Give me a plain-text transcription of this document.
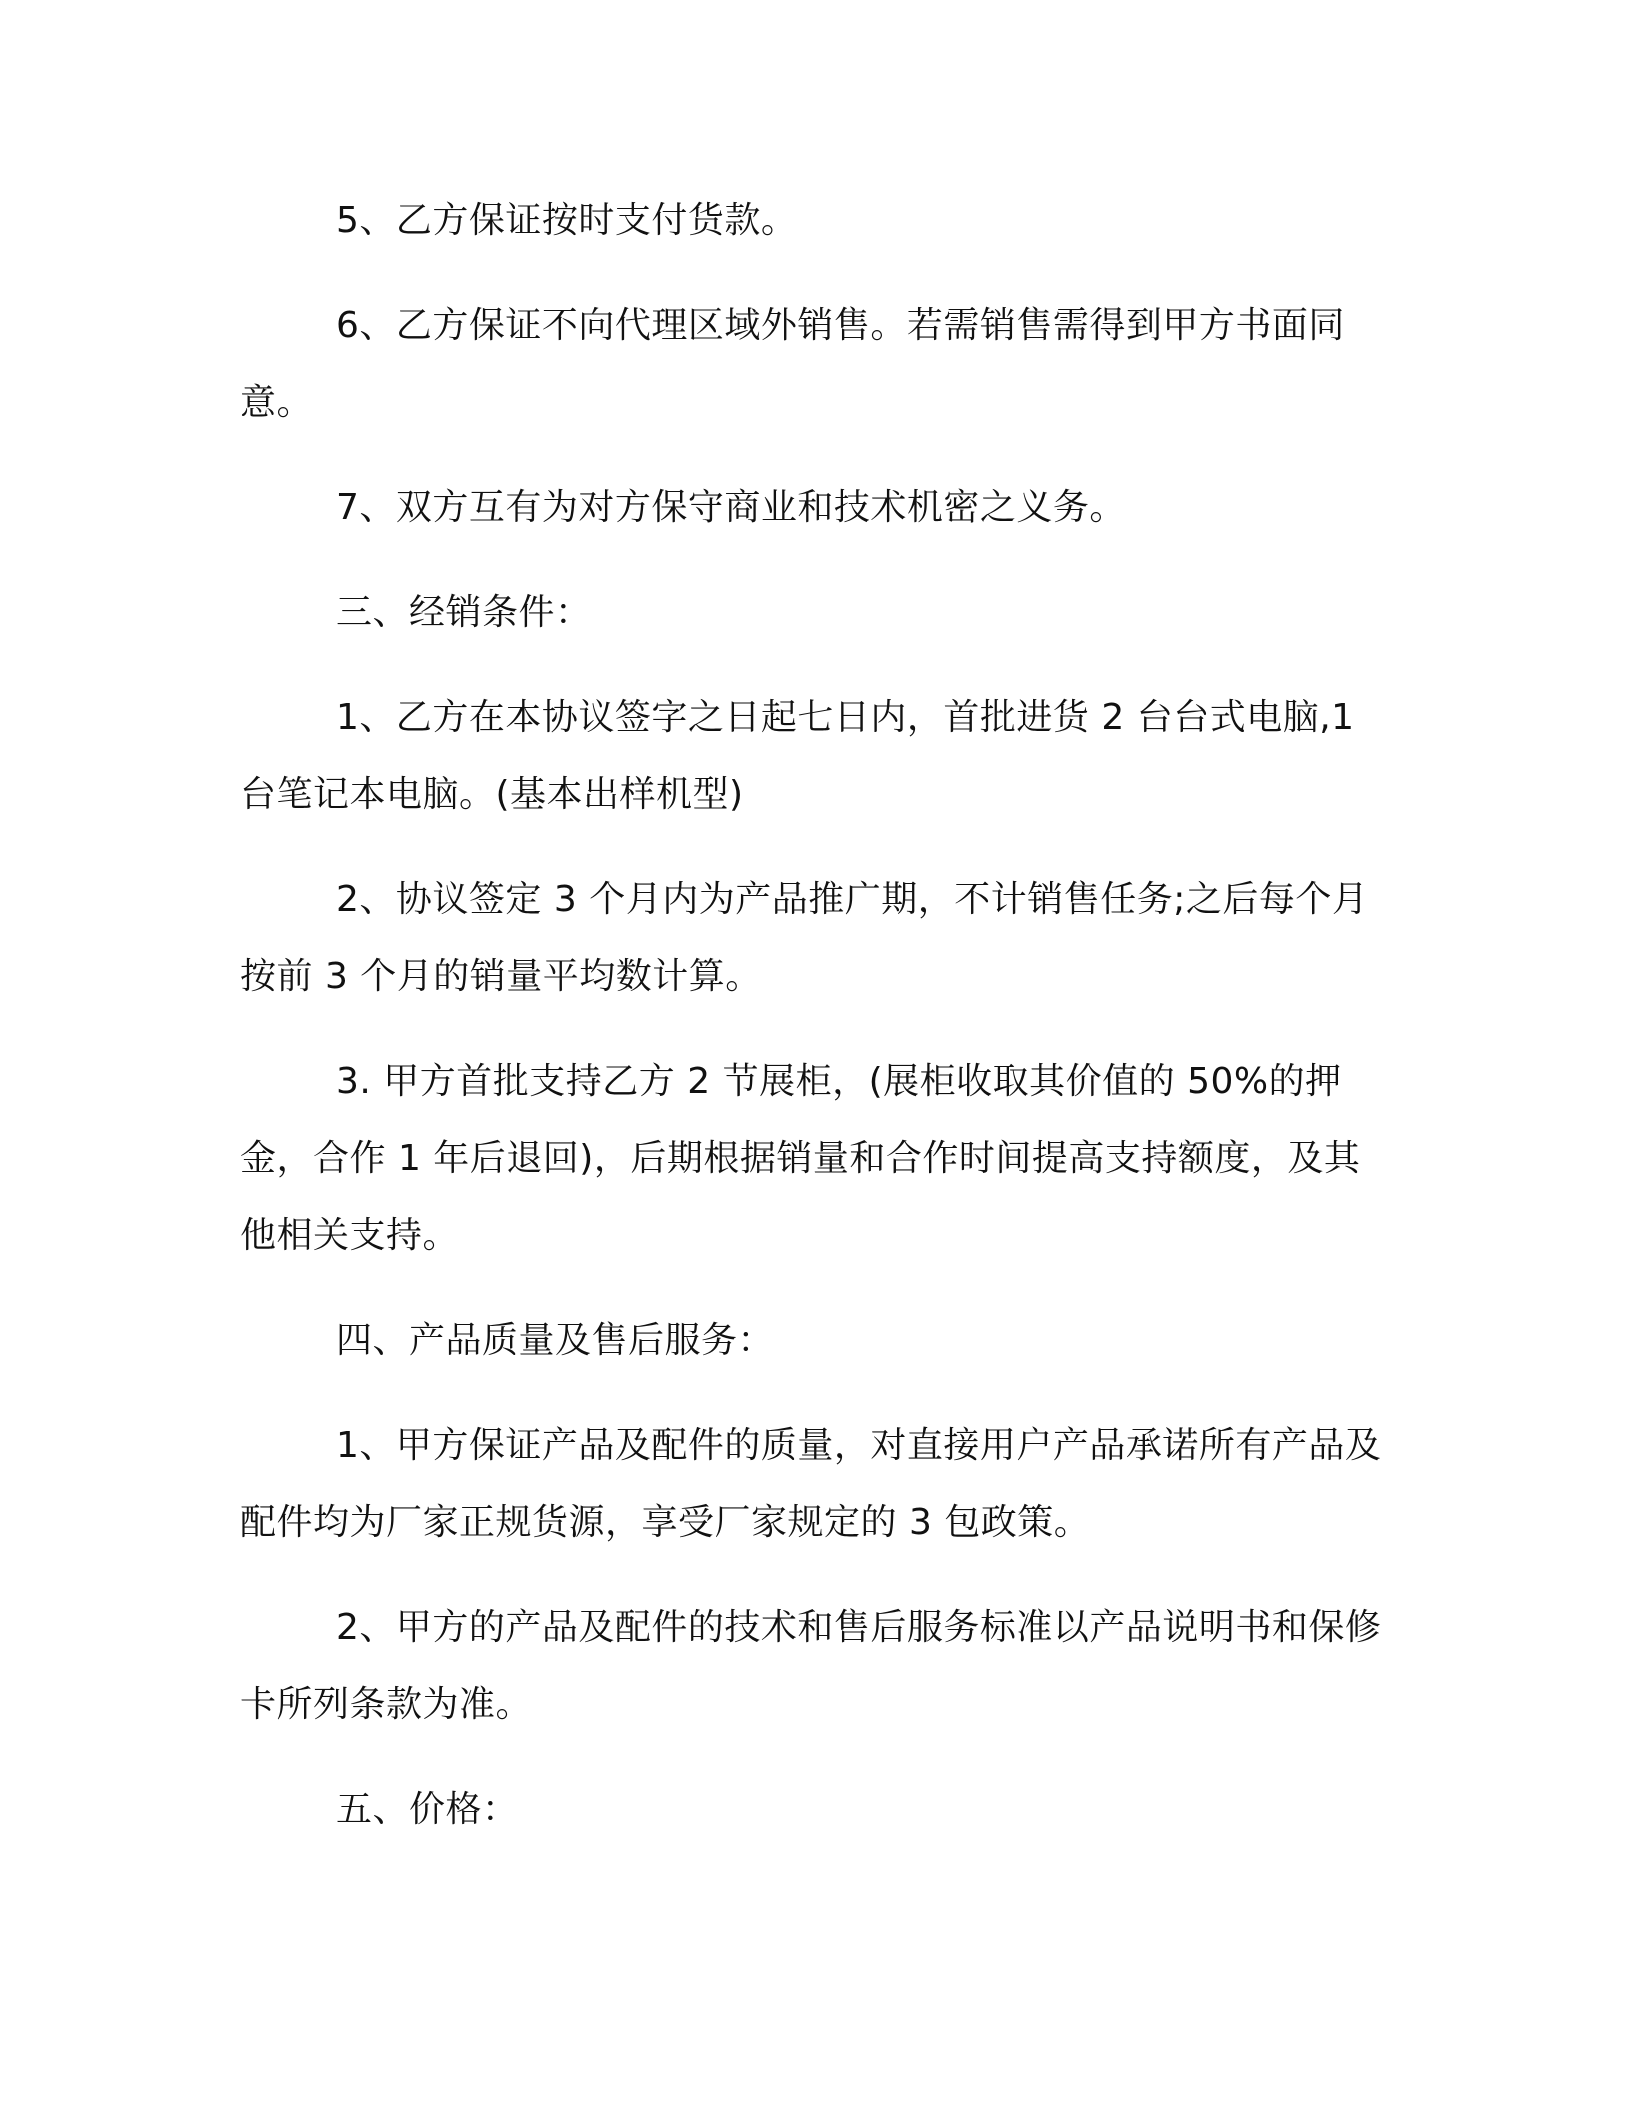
5、乙方保证按时支付货款。

6、乙方保证不向代理区域外销售。若需销售需得到甲方书面同意。

7、双方互有为对方保守商业和技术机密之义务。

三、经销条件：

1、乙方在本协议签字之日起七日内，首批进货 2 台台式电脑,1 台笔记本电脑。(基本出样机型)

2、协议签定 3 个月内为产品推广期，不计销售任务;之后每个月按前 3 个月的销量平均数计算。

3. 甲方首批支持乙方 2 节展柜，(展柜收取其价值的 50%的押金，合作 1 年后退回)，后期根据销量和合作时间提高支持额度，及其他相关支持。

四、产品质量及售后服务：

1、甲方保证产品及配件的质量，对直接用户产品承诺所有产品及配件均为厂家正规货源，享受厂家规定的 3 包政策。

2、甲方的产品及配件的技术和售后服务标准以产品说明书和保修卡所列条款为准。

五、价格：
